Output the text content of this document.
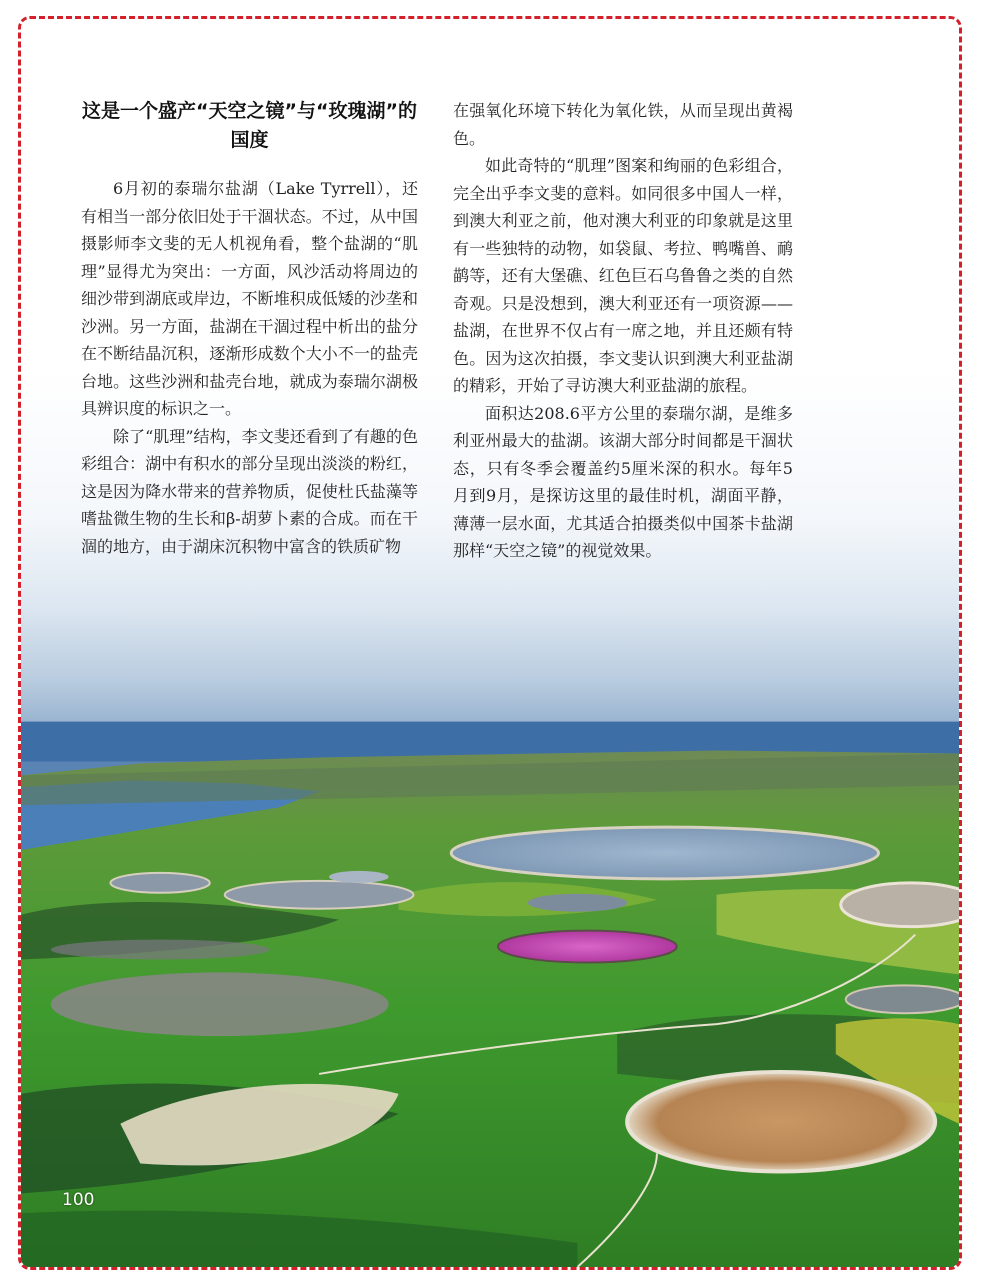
这是一个盛产“天空之镜”与“玫瑰湖”的国度

6月初的泰瑞尔盐湖（Lake Tyrrell），还有相当一部分依旧处于干涸状态。不过，从中国摄影师李文斐的无人机视角看，整个盐湖的“肌理”显得尤为突出：一方面，风沙活动将周边的细沙带到湖底或岸边，不断堆积成低矮的沙垄和沙洲。另一方面，盐湖在干涸过程中析出的盐分在不断结晶沉积，逐渐形成数个大小不一的盐壳台地。这些沙洲和盐壳台地，就成为泰瑞尔湖极具辨识度的标识之一。

除了“肌理”结构，李文斐还看到了有趣的色彩组合：湖中有积水的部分呈现出淡淡的粉红，这是因为降水带来的营养物质，促使杜氏盐藻等嗜盐微生物的生长和β-胡萝卜素的合成。而在干涸的地方，由于湖床沉积物中富含的铁质矿物

在强氧化环境下转化为氧化铁，从而呈现出黄褐色。

如此奇特的“肌理”图案和绚丽的色彩组合，完全出乎李文斐的意料。如同很多中国人一样，到澳大利亚之前，他对澳大利亚的印象就是这里有一些独特的动物，如袋鼠、考拉、鸭嘴兽、鸸鹋等，还有大堡礁、红色巨石乌鲁鲁之类的自然奇观。只是没想到，澳大利亚还有一项资源——盐湖，在世界不仅占有一席之地，并且还颇有特色。因为这次拍摄，李文斐认识到澳大利亚盐湖的精彩，开始了寻访澳大利亚盐湖的旅程。

面积达208.6平方公里的泰瑞尔湖，是维多利亚州最大的盐湖。该湖大部分时间都是干涸状态，只有冬季会覆盖约5厘米深的积水。每年5月到9月，是探访这里的最佳时机，湖面平静，薄薄一层水面，尤其适合拍摄类似中国茶卡盐湖那样“天空之镜”的视觉效果。

100
